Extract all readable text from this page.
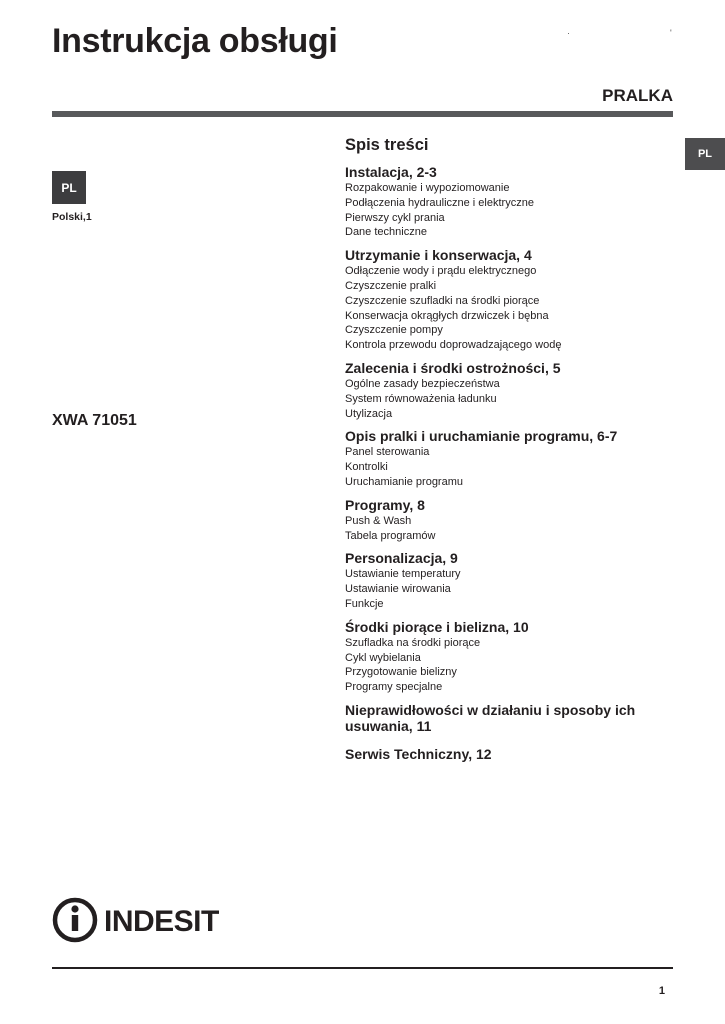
Instrukcja obsługi	·	'
PRALKA
PL
PL
Polski,1
XWA 71051
Spis treści
Instalacja, 2-3
Rozpakowanie i wypoziomowanie
Podłączenia hydrauliczne i elektryczne
Pierwszy cykl prania
Dane techniczne
Utrzymanie i konserwacja, 4
Odłączenie wody i prądu elektrycznego
Czyszczenie pralki
Czyszczenie szufladki na środki piorące
Konserwacja okrągłych drzwiczek i bębna
Czyszczenie pompy
Kontrola przewodu doprowadzającego wodę
Zalecenia i środki ostrożności, 5
Ogólne zasady bezpieczeństwa
System równoważenia ładunku
Utylizacja
Opis pralki i uruchamianie programu, 6-7
Panel sterowania
Kontrolki
Uruchamianie programu
Programy, 8
Push & Wash
Tabela programów
Personalizacja, 9
Ustawianie temperatury
Ustawianie wirowania
Funkcje
Środki piorące i bielizna, 10
Szufladka na środki piorące
Cykl wybielania
Przygotowanie bielizny
Programy specjalne
Nieprawidłowości w działaniu i sposoby ich usuwania, 11
Serwis Techniczny, 12
INDESIT
1
